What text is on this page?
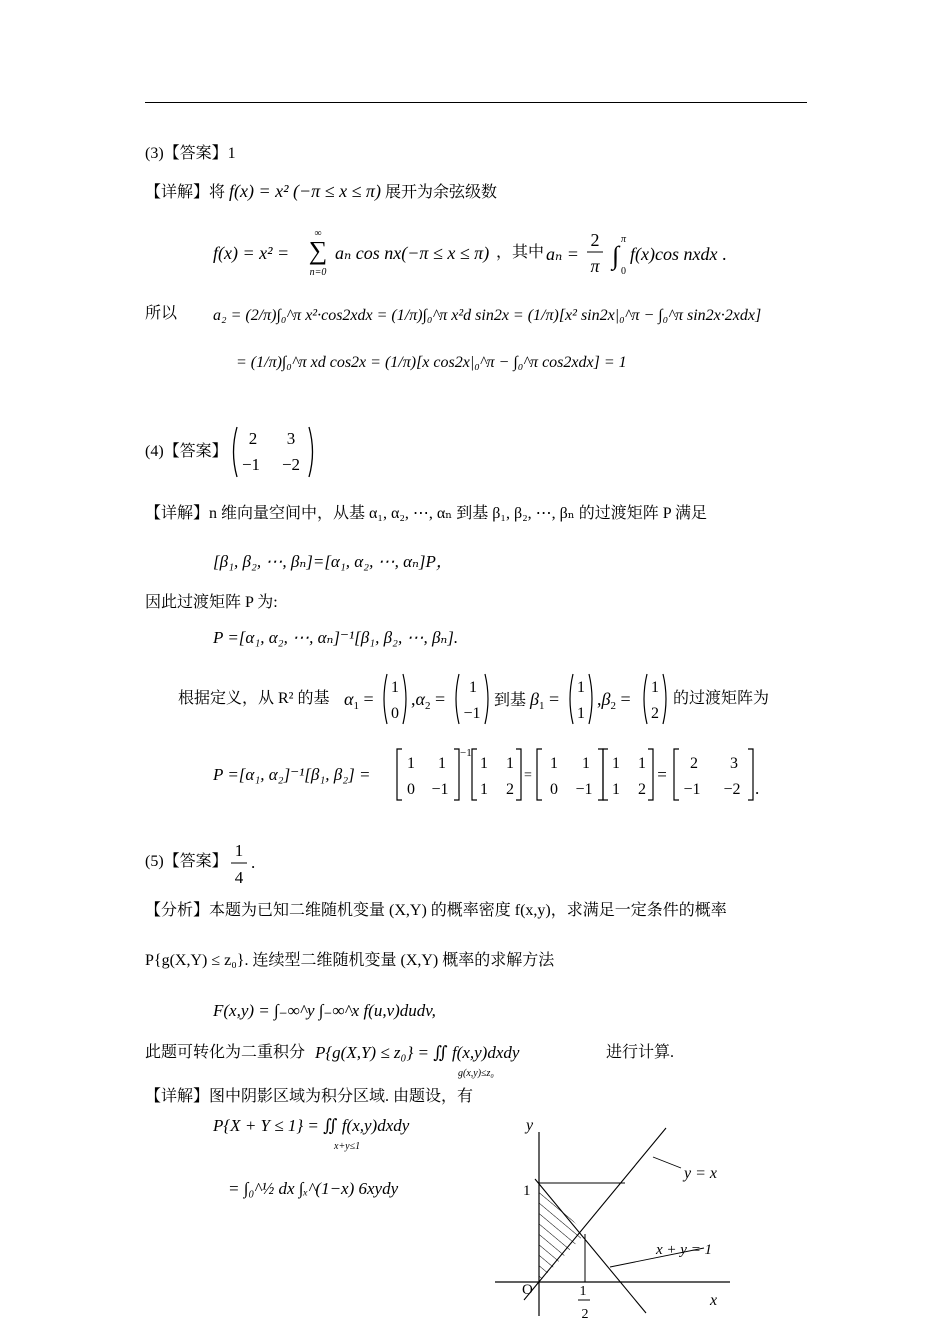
(3)【答案】1
【详解】将 f(x) = x² (−π ≤ x ≤ π) 展开为余弦级数
f(x) = x² =
∞
∑
n=0
aₙ cos nx(−π ≤ x ≤ π) ，其中 aₙ =
2
π ∫
π
0
f(x)cos nxdx .
所以 a₂ = (2/π)∫₀^π x²·cos2xdx = (1/π)∫₀^π x²d sin2x = (1/π)[x² sin2x|₀^π − ∫₀^π sin2x·2xdx]
= (1/π)∫₀^π xd cos2x = (1/π)[x cos2x|₀^π − ∫₀^π cos2xdx] = 1
(4)【答案】
2 3
−1 −2
【详解】n 维向量空间中，从基 α₁, α₂, ⋯, αₙ 到基 β₁, β₂, ⋯, βₙ 的过渡矩阵 P 满足
[β₁, β₂, ⋯, βₙ]=[α₁, α₂, ⋯, αₙ]P，
因此过渡矩阵 P 为:
P =[α₁, α₂, ⋯, αₙ]⁻¹[β₁, β₂, ⋯, βₙ].
根据定义，从 R² 的基 $\alpha_1$ =
1
0
$,\alpha_2$ =
1
−1
到基 $\beta_1$ =
1
1
$,\beta_2$ =
1
2
的过渡矩阵为
P =[α₁, α₂]⁻¹[β₁, β₂] =
1 1
0 −1
−1
1 1
1 2
=
1 1
0 −1
1 1
1 2
=
2 3
−1 −2 .
(5)【答案】
1
4
.
【分析】本题为已知二维随机变量 (X,Y) 的概率密度 f(x,y)，求满足一定条件的概率
P{g(X,Y) ≤ z₀}. 连续型二维随机变量 (X,Y) 概率的求解方法
F(x,y) = ∫₋∞^y ∫₋∞^x f(u,v)dudv,
此题可转化为二重积分 P{g(X,Y) ≤ z₀} = ∬ f(x,y)dxdy
g(x,y)≤z₀
进行计算.
【详解】图中阴影区域为积分区域. 由题设，有
P{X + Y ≤ 1} = ∬ f(x,y)dxdy
x+y≤1
= ∫₀^½ dx ∫ₓ^(1−x) 6xydy
y
x
O
1
1
2
y = x
x + y = 1
